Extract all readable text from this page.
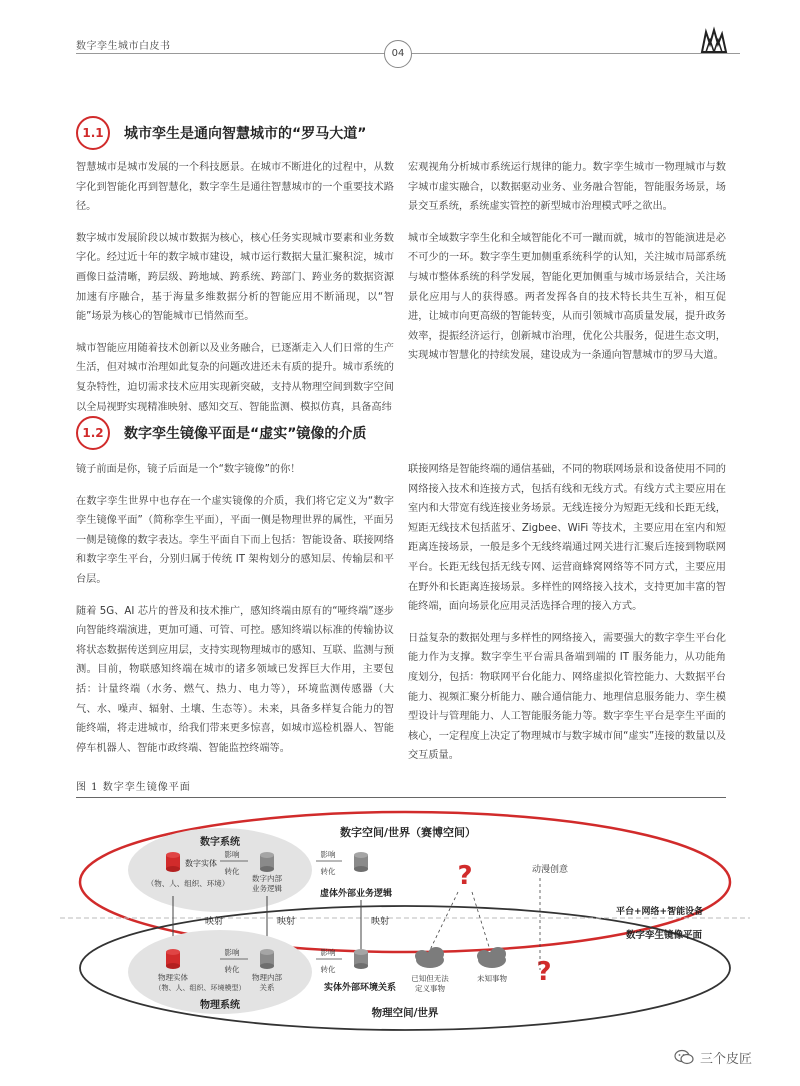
数字孪生城市白皮书
04
1.1	城市孪生是通向智慧城市的“罗马大道”

智慧城市是城市发展的一个科技愿景。在城市不断进化的过程中，从数字化到智能化再到智慧化，数字孪生是通往智慧城市的一个重要技术路径。

数字城市发展阶段以城市数据为核心，核心任务实现城市要素和业务数字化。经过近十年的数字城市建设，城市运行数据大量汇聚积淀，城市画像日益清晰，跨层级、跨地域、跨系统、跨部门、跨业务的数据资源加速有序融合，基于海量多维数据分析的智能应用不断涌现，以“智能”场景为核心的智能城市已悄然而至。

城市智能应用随着技术创新以及业务融合，已逐渐走入人们日常的生产生活，但对城市治理如此复杂的问题改进还未有质的提升。城市系统的复杂特性，迫切需求技术应用实现新突破，支持从物理空间到数字空间以全局视野实现精准映射、感知交互、智能监测、模拟仿真，具备高纬

宏观视角分析城市系统运行规律的能力。数字孪生城市一物理城市与数字城市虚实融合，以数据驱动业务、业务融合智能，智能服务场景，场景交互系统，系统虚实管控的新型城市治理模式呼之欲出。

城市全域数字孪生化和全域智能化不可一蹴而就，城市的智能演进是必不可少的一环。数字孪生更加侧重系统科学的认知，关注城市局部系统与城市整体系统的科学发展，智能化更加侧重与城市场景结合，关注场景化应用与人的获得感。两者发挥各自的技术特长共生互补，相互促进，让城市向更高级的智能转变，从而引领城市高质量发展，提升政务效率，提振经济运行，创新城市治理，优化公共服务，促进生态文明，实现城市智慧化的持续发展，建设成为一条通向智慧城市的罗马大道。

1.2	数字孪生镜像平面是“虚实”镜像的介质

镜子前面是你，镜子后面是一个“数字镜像”的你！

在数字孪生世界中也存在一个虚实镜像的介质，我们将它定义为“数字孪生镜像平面”（简称孪生平面），平面一侧是物理世界的属性，平面另一侧是镜像的数字表达。孪生平面自下而上包括：智能设备、联接网络和数字孪生平台，分别归属于传统 IT 架构划分的感知层、传输层和平台层。

随着 5G、AI 芯片的普及和技术推广，感知终端由原有的“哑终端”逐步向智能终端演进，更加可通、可管、可控。感知终端以标准的传输协议将状态数据传送到应用层，支持实现物理城市的感知、互联、监测与预测。目前，物联感知终端在城市的诸多领域已发挥巨大作用，主要包括：计量终端（水务、燃气、热力、电力等），环境监测传感器（大气、水、噪声、辐射、土壤、生态等）。未来，具备多样复合能力的智能终端，将走进城市，给我们带来更多惊喜，如城市巡检机器人、智能停车机器人、智能市政终端、智能监控终端等。

联接网络是智能终端的通信基础，不同的物联网场景和设备使用不同的网络接入技术和连接方式，包括有线和无线方式。有线方式主要应用在室内和大带宽有线连接业务场景。无线连接分为短距无线和长距无线，短距无线技术包括蓝牙、Zigbee、WiFi 等技术，主要应用在室内和短距离连接场景，一般是多个无线终端通过网关进行汇聚后连接到物联网平台。长距无线包括无线专网、运营商蜂窝网络等不同方式，主要应用在野外和长距离连接场景。多样性的网络接入技术，支持更加丰富的智能终端，面向场景化应用灵活选择合理的接入方式。

日益复杂的数据处理与多样性的网络接入，需要强大的数字孪生平台化能力作为支撑。数字孪生平台需具备端到端的 IT 服务能力，从功能角度划分，包括：物联网平台化能力、网络虚拟化管控能力、大数据平台能力、视频汇聚分析能力、融合通信能力、地理信息服务能力、孪生模型设计与管理能力、人工智能服务能力等。数字孪生平台是孪生平面的核心，一定程度上决定了物理城市与数字城市间“虚实”连接的数量以及交互质量。

图 1 数字孪生镜像平面
数字空间/世界（赛博空间）
数字系统
数字实体
（物、人、组织、环境）
影响
转化
数字内部
业务逻辑
影响
转化
虚体外部业务逻辑
?
?
动漫创意
平台+网络+智能设备
数字孪生镜像平面
映射	映射	映射
物理实体
（物、人、组织、环境模型）
影响
转化
物理内部
关系
影响
转化
实体外部环境关系
已知但无法
定义事物
未知事物
物理系统
物理空间/世界
三个皮匠
